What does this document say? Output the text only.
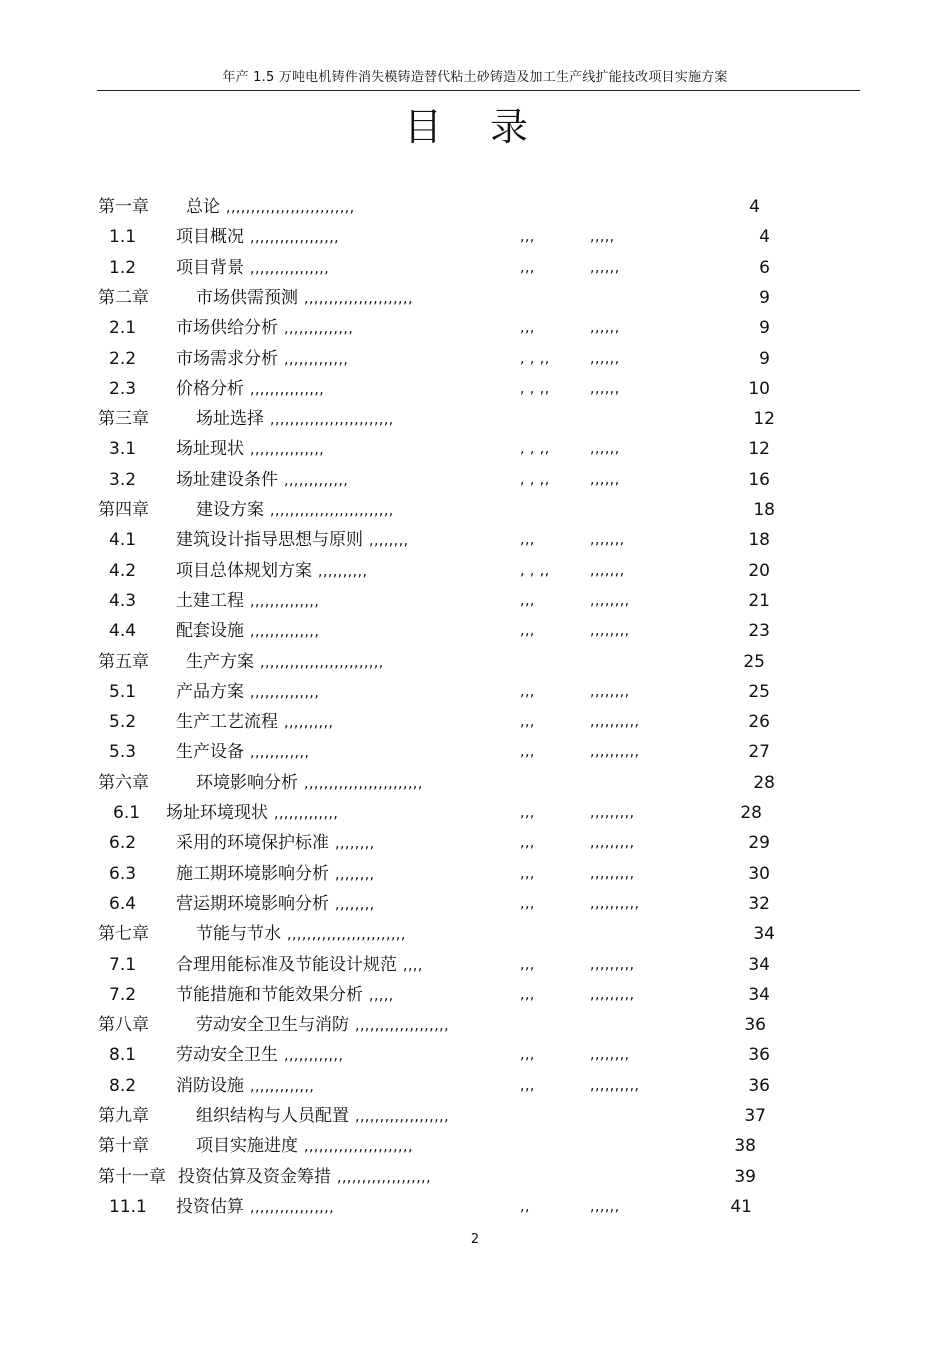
年产 1.5 万吨电机铸件消失模铸造替代粘土砂铸造及加工生产线扩能技改项目实施方案
目 录
第一章 总论 ,,,,,,,,,,,,,,,,,,,,,,,,,,	4
1.1 项目概况 ,,,,,,,,,,,,,,,,,,	,,,	,,,,,	4
1.2 项目背景 ,,,,,,,,,,,,,,,,	,,,	,,,,,,	6
第二章	市场供需预测 ,,,,,,,,,,,,,,,,,,,,,,	9
2.1 市场供给分析 ,,,,,,,,,,,,,,	,,,	,,,,,,	9
2.2 市场需求分析 ,,,,,,,,,,,,,	, , ,,	,,,,,,	9
2.3 价格分析 ,,,,,,,,,,,,,,,	, , ,,	,,,,,,	10
第三章	场址选择 ,,,,,,,,,,,,,,,,,,,,,,,,,	12
3.1 场址现状 ,,,,,,,,,,,,,,,	, , ,,	,,,,,,	12
3.2 场址建设条件 ,,,,,,,,,,,,,	, , ,,	,,,,,,	16
第四章	建设方案 ,,,,,,,,,,,,,,,,,,,,,,,,,	18
4.1 建筑设计指导思想与原则 ,,,,,,,,	,,,	,,,,,,,	18
4.2 项目总体规划方案 ,,,,,,,,,,	, , ,,	,,,,,,,	20
4.3 土建工程 ,,,,,,,,,,,,,,	,,,	,,,,,,,,	21
4.4 配套设施 ,,,,,,,,,,,,,,	,,,	,,,,,,,,	23
第五章 生产方案 ,,,,,,,,,,,,,,,,,,,,,,,,,	25
5.1 产品方案 ,,,,,,,,,,,,,,	,,,	,,,,,,,,	25
5.2 生产工艺流程 ,,,,,,,,,,	,,,	,,,,,,,,,,	26
5.3 生产设备 ,,,,,,,,,,,,	,,,	,,,,,,,,,,	27
第六章	环境影响分析 ,,,,,,,,,,,,,,,,,,,,,,,,	28
6.1 场址环境现状 ,,,,,,,,,,,,,	,,,	,,,,,,,,,	28
6.2 采用的环境保护标准 ,,,,,,,,	,,,	,,,,,,,,,	29
6.3 施工期环境影响分析 ,,,,,,,,	,,,	,,,,,,,,,	30
6.4 营运期环境影响分析 ,,,,,,,,	,,,	,,,,,,,,,,	32
第七章	节能与节水 ,,,,,,,,,,,,,,,,,,,,,,,,	34
7.1 合理用能标准及节能设计规范 ,,,,	,,,	,,,,,,,,,	34
7.2 节能措施和节能效果分析 ,,,,,	,,,	,,,,,,,,,	34
第八章	劳动安全卫生与消防 ,,,,,,,,,,,,,,,,,,,	36
8.1 劳动安全卫生 ,,,,,,,,,,,,	,,,	,,,,,,,,	36
8.2 消防设施 ,,,,,,,,,,,,,	,,,	,,,,,,,,,,	36
第九章	组织结构与人员配置 ,,,,,,,,,,,,,,,,,,,	37
第十章	项目实施进度 ,,,,,,,,,,,,,,,,,,,,,,	38
第十一章 投资估算及资金筹措 ,,,,,,,,,,,,,,,,,,,	39
11.1 投资估算 ,,,,,,,,,,,,,,,,,	,,	,,,,,,	41
2
